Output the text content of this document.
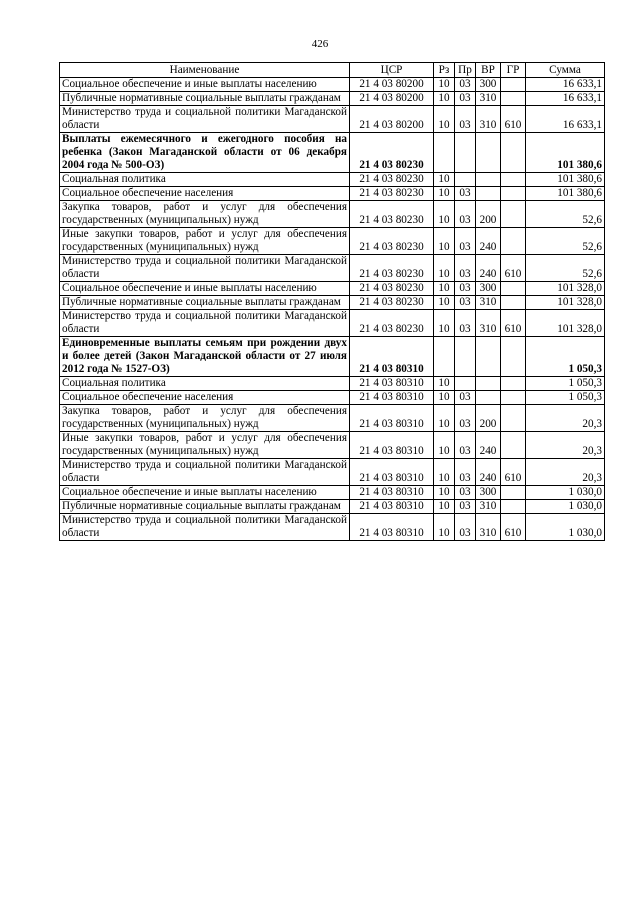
426
Наименование	ЦСР	Рз	Пр	ВР	ГР	Сумма
Социальное обеспечение и иные выплаты населению	21 4 03 80200	10	03	300		16 633,1
Публичные нормативные социальные выплаты гражданам	21 4 03 80200	10	03	310		16 633,1
Министерство труда и социальной политики Магаданской области	21 4 03 80200	10	03	310	610	16 633,1
Выплаты ежемесячного и ежегодного пособия на ребенка (Закон Магаданской области от 06 декабря 2004 года № 500-ОЗ)	21 4 03 80230					101 380,6
Социальная политика	21 4 03 80230	10				101 380,6
Социальное обеспечение населения	21 4 03 80230	10	03			101 380,6
Закупка товаров, работ и услуг для обеспечения государственных (муниципальных) нужд	21 4 03 80230	10	03	200		52,6
Иные закупки товаров, работ и услуг для обеспечения государственных (муниципальных) нужд	21 4 03 80230	10	03	240		52,6
Министерство труда и социальной политики Магаданской области	21 4 03 80230	10	03	240	610	52,6
Социальное обеспечение и иные выплаты населению	21 4 03 80230	10	03	300		101 328,0
Публичные нормативные социальные выплаты гражданам	21 4 03 80230	10	03	310		101 328,0
Министерство труда и социальной политики Магаданской области	21 4 03 80230	10	03	310	610	101 328,0
Единовременные выплаты семьям при рождении двух и более детей (Закон Магаданской области от 27 июля 2012 года № 1527-ОЗ)	21 4 03 80310					1 050,3
Социальная политика	21 4 03 80310	10				1 050,3
Социальное обеспечение населения	21 4 03 80310	10	03			1 050,3
Закупка товаров, работ и услуг для обеспечения государственных (муниципальных) нужд	21 4 03 80310	10	03	200		20,3
Иные закупки товаров, работ и услуг для обеспечения государственных (муниципальных) нужд	21 4 03 80310	10	03	240		20,3
Министерство труда и социальной политики Магаданской области	21 4 03 80310	10	03	240	610	20,3
Социальное обеспечение и иные выплаты населению	21 4 03 80310	10	03	300		1 030,0
Публичные нормативные социальные выплаты гражданам	21 4 03 80310	10	03	310		1 030,0
Министерство труда и социальной политики Магаданской области	21 4 03 80310	10	03	310	610	1 030,0
